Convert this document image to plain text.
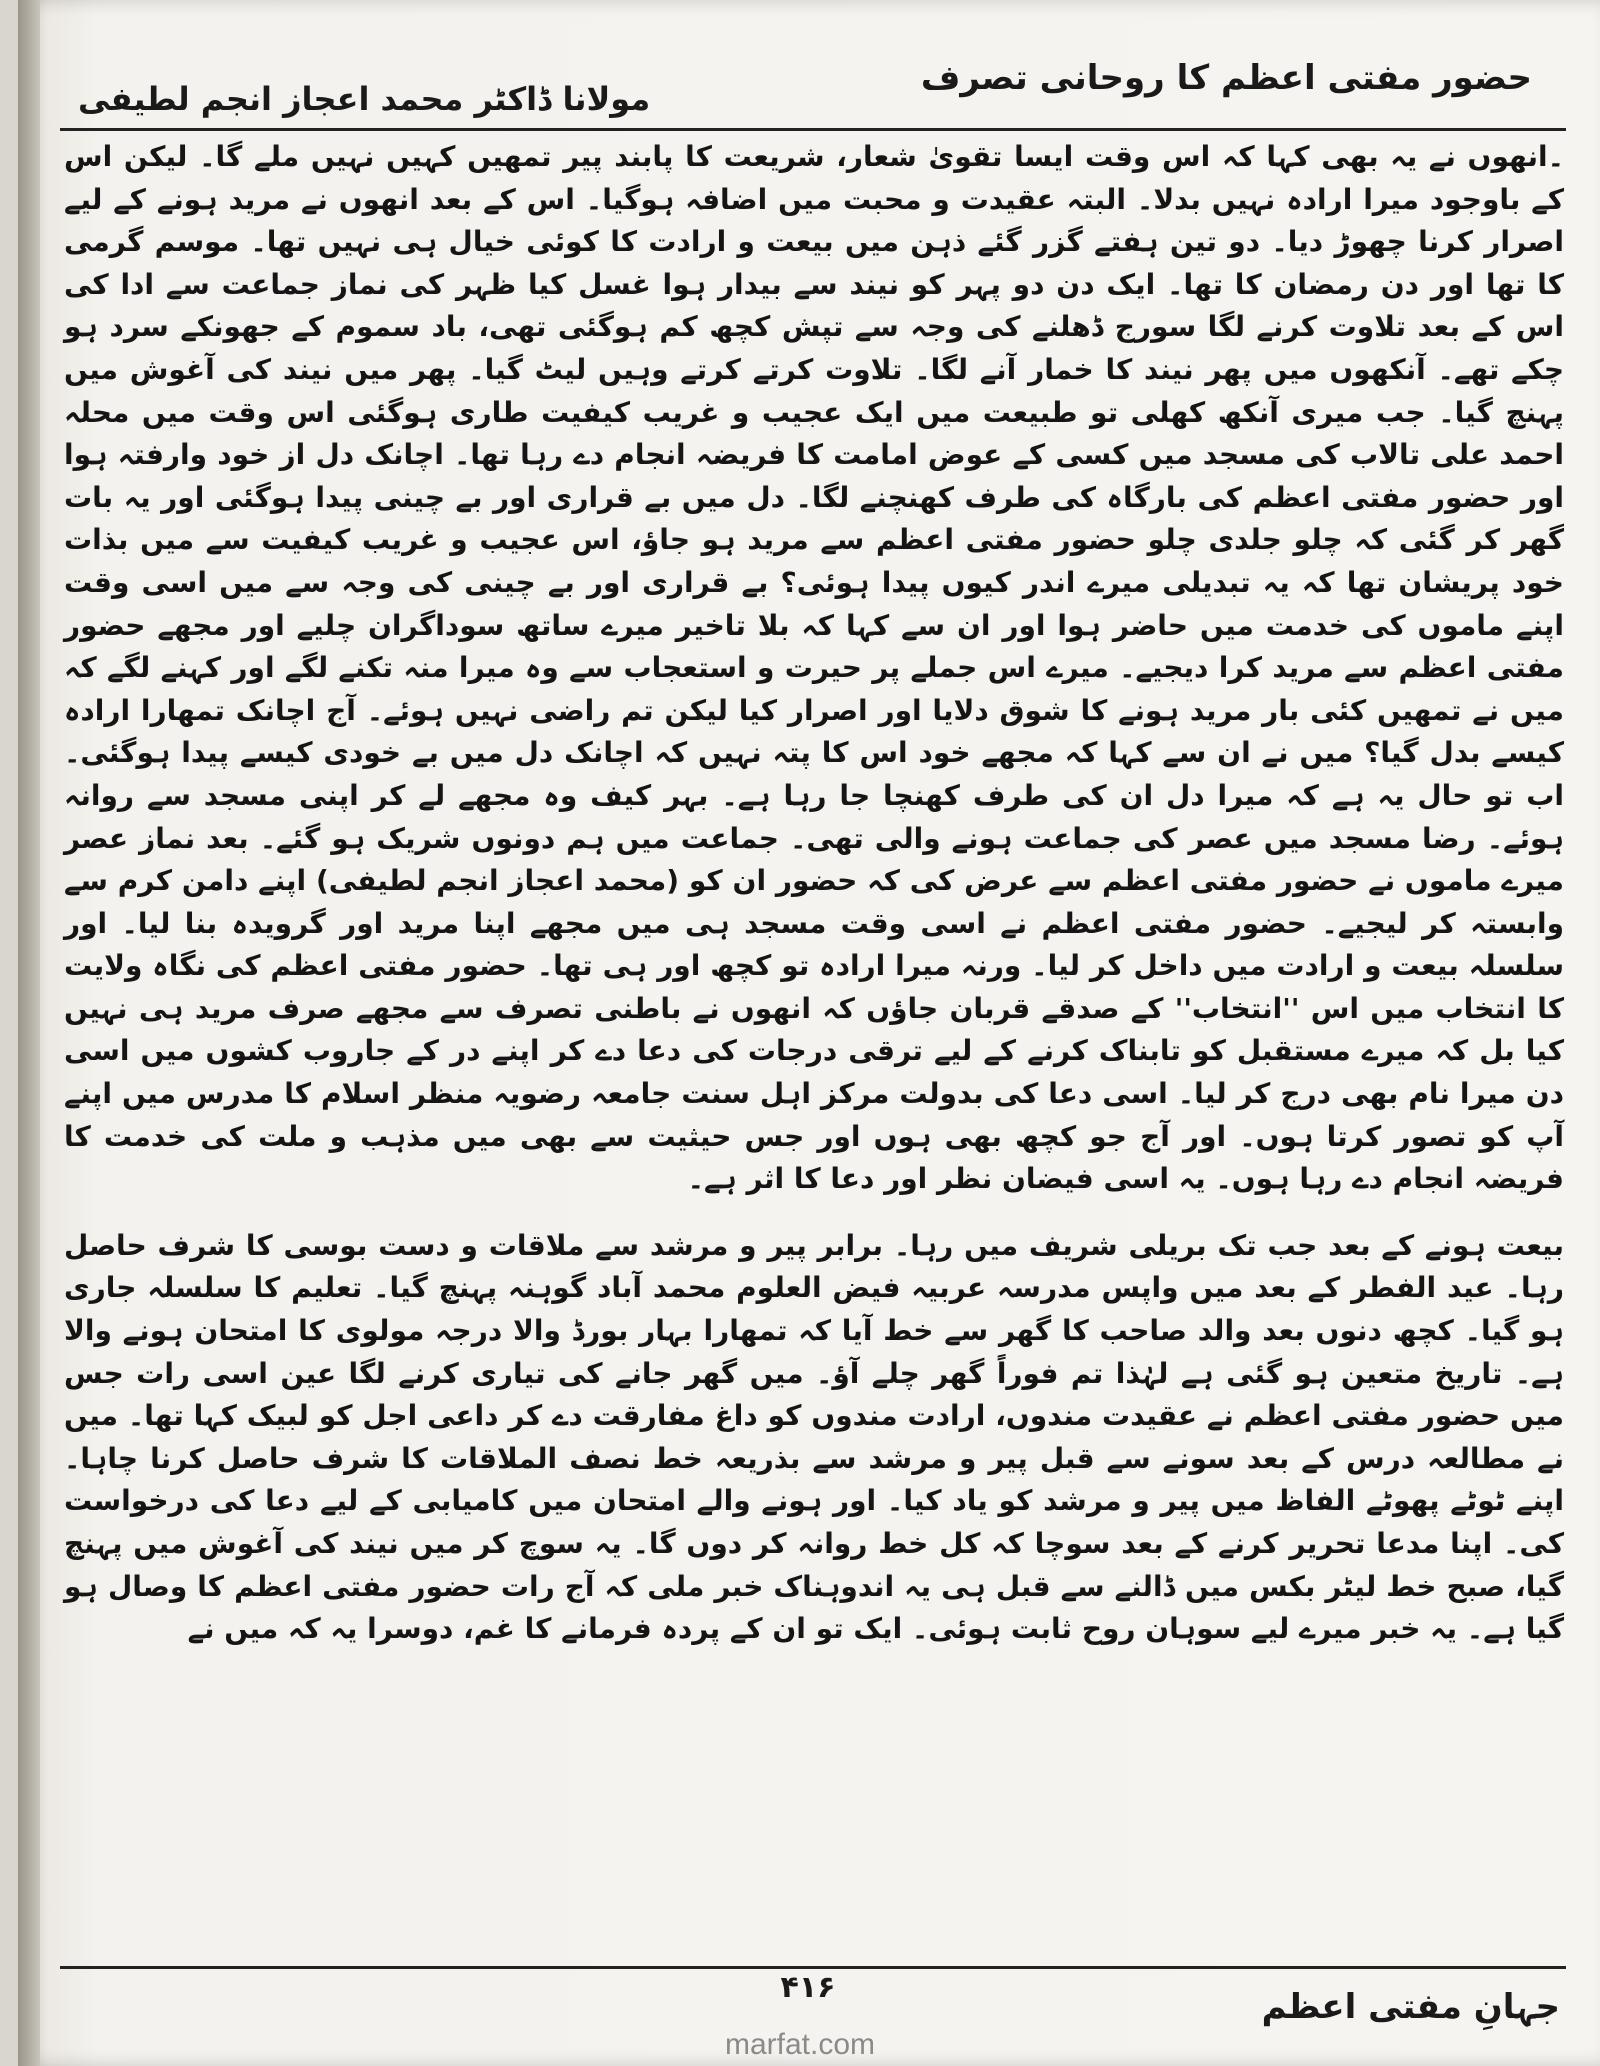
حضور مفتی اعظم کا روحانی تصرف
مولانا ڈاکٹر محمد اعجاز انجم لطیفی

۔انھوں نے یہ بھی کہا کہ اس وقت ایسا تقویٰ شعار، شریعت کا پابند پیر تمھیں کہیں نہیں ملے گا۔ لیکن اس کے باوجود میرا ارادہ نہیں بدلا۔ البتہ عقیدت و محبت میں اضافہ ہوگیا۔ اس کے بعد انھوں نے مرید ہونے کے لیے اصرار کرنا چھوڑ دیا۔ دو تین ہفتے گزر گئے ذہن میں بیعت و ارادت کا کوئی خیال ہی نہیں تھا۔ موسم گرمی کا تھا اور دن رمضان کا تھا۔ ایک دن دو پہر کو نیند سے بیدار ہوا غسل کیا ظہر کی نماز جماعت سے ادا کی اس کے بعد تلاوت کرنے لگا سورج ڈھلنے کی وجہ سے تپش کچھ کم ہوگئی تھی، باد سموم کے جھونکے سرد ہو چکے تھے۔ آنکھوں میں پھر نیند کا خمار آنے لگا۔ تلاوت کرتے کرتے وہیں لیٹ گیا۔ پھر میں نیند کی آغوش میں پہنچ گیا۔ جب میری آنکھ کھلی تو طبیعت میں ایک عجیب و غریب کیفیت طاری ہوگئی اس وقت میں محلہ احمد علی تالاب کی مسجد میں کسی کے عوض امامت کا فریضہ انجام دے رہا تھا۔ اچانک دل از خود وارفتہ ہوا اور حضور مفتی اعظم کی بارگاہ کی طرف کھنچنے لگا۔ دل میں بے قراری اور بے چینی پیدا ہوگئی اور یہ بات گھر کر گئی کہ چلو جلدی چلو حضور مفتی اعظم سے مرید ہو جاؤ، اس عجیب و غریب کیفیت سے میں بذات خود پریشان تھا کہ یہ تبدیلی میرے اندر کیوں پیدا ہوئی؟ بے قراری اور بے چینی کی وجہ سے میں اسی وقت اپنے ماموں کی خدمت میں حاضر ہوا اور ان سے کہا کہ بلا تاخیر میرے ساتھ سوداگران چلیے اور مجھے حضور مفتی اعظم سے مرید کرا دیجیے۔ میرے اس جملے پر حیرت و استعجاب سے وہ میرا منہ تکنے لگے اور کہنے لگے کہ میں نے تمھیں کئی بار مرید ہونے کا شوق دلایا اور اصرار کیا لیکن تم راضی نہیں ہوئے۔ آج اچانک تمھارا ارادہ کیسے بدل گیا؟ میں نے ان سے کہا کہ مجھے خود اس کا پتہ نہیں کہ اچانک دل میں بے خودی کیسے پیدا ہوگئی۔ اب تو حال یہ ہے کہ میرا دل ان کی طرف کھنچا جا رہا ہے۔ بہر کیف وہ مجھے لے کر اپنی مسجد سے روانہ ہوئے۔ رضا مسجد میں عصر کی جماعت ہونے والی تھی۔ جماعت میں ہم دونوں شریک ہو گئے۔ بعد نماز عصر میرے ماموں نے حضور مفتی اعظم سے عرض کی کہ حضور ان کو (محمد اعجاز انجم لطیفی) اپنے دامن کرم سے وابستہ کر لیجیے۔ حضور مفتی اعظم نے اسی وقت مسجد ہی میں مجھے اپنا مرید اور گرویدہ بنا لیا۔ اور سلسلہ بیعت و ارادت میں داخل کر لیا۔ ورنہ میرا ارادہ تو کچھ اور ہی تھا۔ حضور مفتی اعظم کی نگاہ ولایت کا انتخاب میں اس ''انتخاب'' کے صدقے قربان جاؤں کہ انھوں نے باطنی تصرف سے مجھے صرف مرید ہی نہیں کیا بل کہ میرے مستقبل کو تابناک کرنے کے لیے ترقی درجات کی دعا دے کر اپنے در کے جاروب کشوں میں اسی دن میرا نام بھی درج کر لیا۔ اسی دعا کی بدولت مرکز اہل سنت جامعہ رضویہ منظر اسلام کا مدرس میں اپنے آپ کو تصور کرتا ہوں۔ اور آج جو کچھ بھی ہوں اور جس حیثیت سے بھی میں مذہب و ملت کی خدمت کا فریضہ انجام دے رہا ہوں۔ یہ اسی فیضان نظر اور دعا کا اثر ہے۔

بیعت ہونے کے بعد جب تک بریلی شریف میں رہا۔ برابر پیر و مرشد سے ملاقات و دست بوسی کا شرف حاصل رہا۔ عید الفطر کے بعد میں واپس مدرسہ عربیہ فیض العلوم محمد آباد گوہنہ پہنچ گیا۔ تعلیم کا سلسلہ جاری ہو گیا۔ کچھ دنوں بعد والد صاحب کا گھر سے خط آیا کہ تمھارا بہار بورڈ والا درجہ مولوی کا امتحان ہونے والا ہے۔ تاریخ متعین ہو گئی ہے لہٰذا تم فوراً گھر چلے آؤ۔ میں گھر جانے کی تیاری کرنے لگا عین اسی رات جس میں حضور مفتی اعظم نے عقیدت مندوں، ارادت مندوں کو داغ مفارقت دے کر داعی اجل کو لبیک کہا تھا۔ میں نے مطالعہ درس کے بعد سونے سے قبل پیر و مرشد سے بذریعہ خط نصف الملاقات کا شرف حاصل کرنا چاہا۔ اپنے ٹوٹے پھوٹے الفاظ میں پیر و مرشد کو یاد کیا۔ اور ہونے والے امتحان میں کامیابی کے لیے دعا کی درخواست کی۔ اپنا مدعا تحریر کرنے کے بعد سوچا کہ کل خط روانہ کر دوں گا۔ یہ سوچ کر میں نیند کی آغوش میں پہنچ گیا، صبح خط لیٹر بکس میں ڈالنے سے قبل ہی یہ اندوہناک خبر ملی کہ آج رات حضور مفتی اعظم کا وصال ہو گیا ہے۔ یہ خبر میرے لیے سوہان روح ثابت ہوئی۔ ایک تو ان کے پردہ فرمانے کا غم، دوسرا یہ کہ میں نے

۴۱۶	جہانِ مفتی اعظم
marfat.com
